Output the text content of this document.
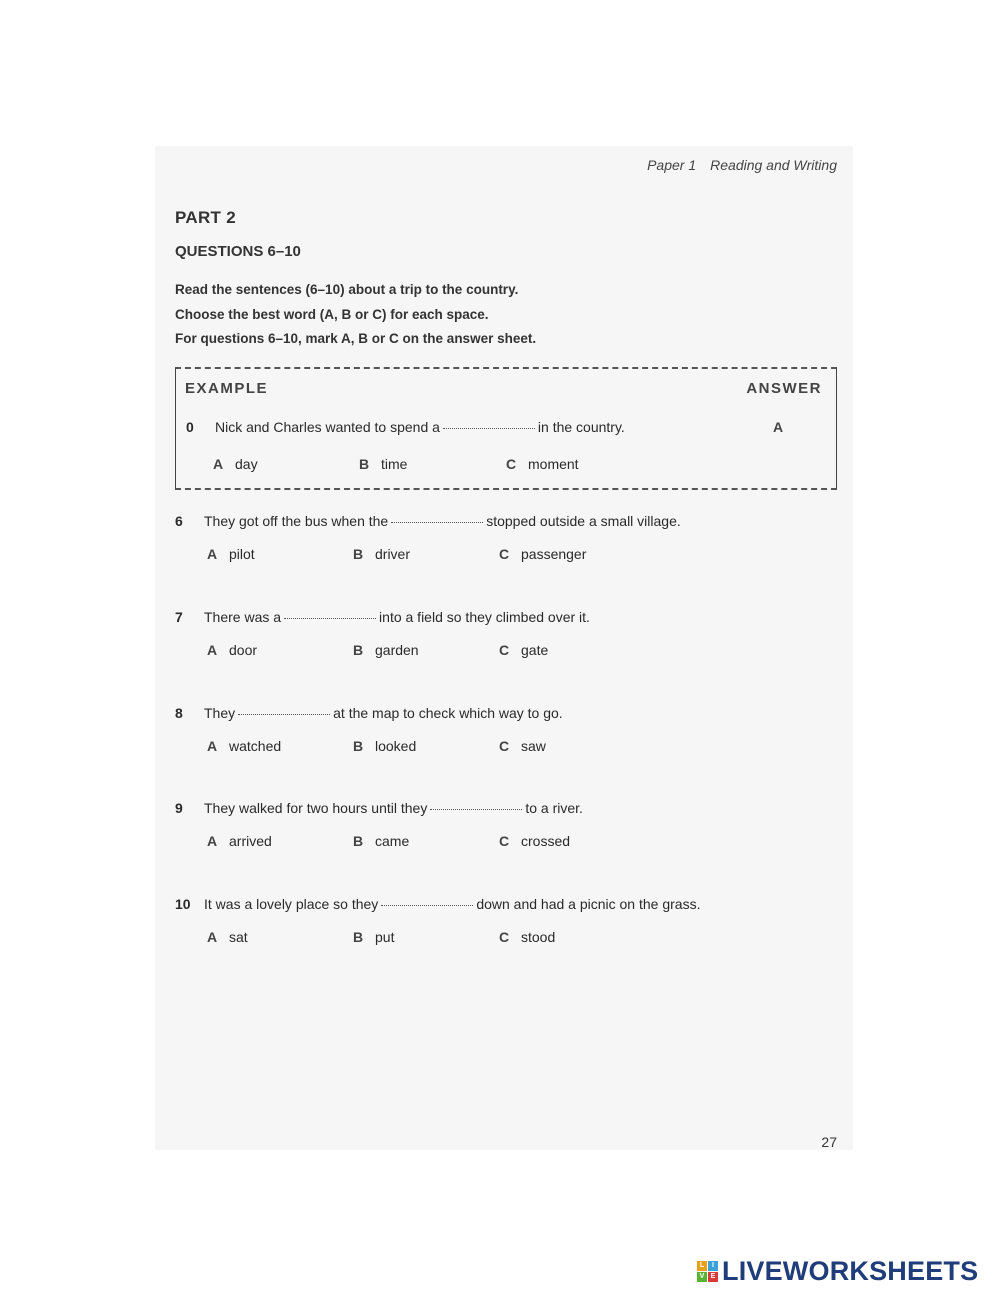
Paper 1 Reading and Writing
PART 2
QUESTIONS 6–10
Read the sentences (6–10) about a trip to the country.
Choose the best word (A, B or C) for each space.
For questions 6–10, mark A, B or C on the answer sheet.
EXAMPLE	ANSWER
0 Nick and Charles wanted to spend a	in the country.	A
A day	B time	C moment
6 They got off the bus when the	stopped outside a small village.
A pilot	B driver	C passenger
7 There was a	into a field so they climbed over it.
A door	B garden	C gate
8 They	at the map to check which way to go.
A watched	B looked	C saw
9 They walked for two hours until they	to a river.
A arrived	B came	C crossed
10 It was a lovely place so they	down and had a picnic on the grass.
A sat	B put	C stood
27
L	I
V E LIVEWORKSHEETS
